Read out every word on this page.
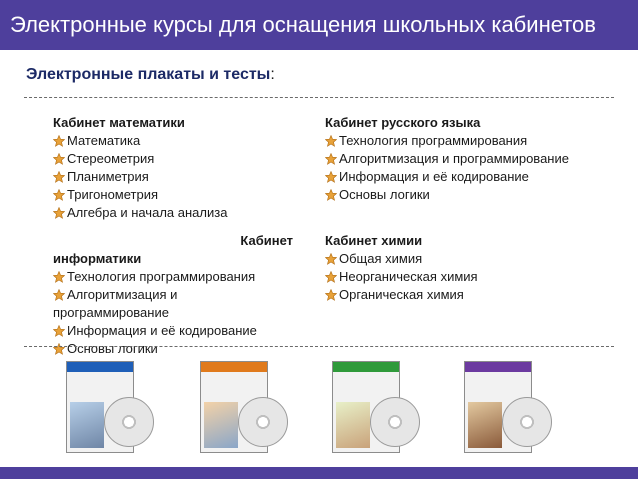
Электронные курсы для оснащения школьных кабинетов
Электронные плакаты и тесты:
Кабинет математики
Математика
Стереометрия
Планиметрия
Тригонометрия
Алгебра и начала анализа
Кабинет
информатики
Технология программирования
Алгоритмизация и
программирование
Информация и её кодирование
Основы логики
Кабинет русского языка
Технология программирования
Алгоритмизация и программирование
Информация и её кодирование
Основы логики
Кабинет химии
Общая химия
Неорганическая химия
Органическая химия
